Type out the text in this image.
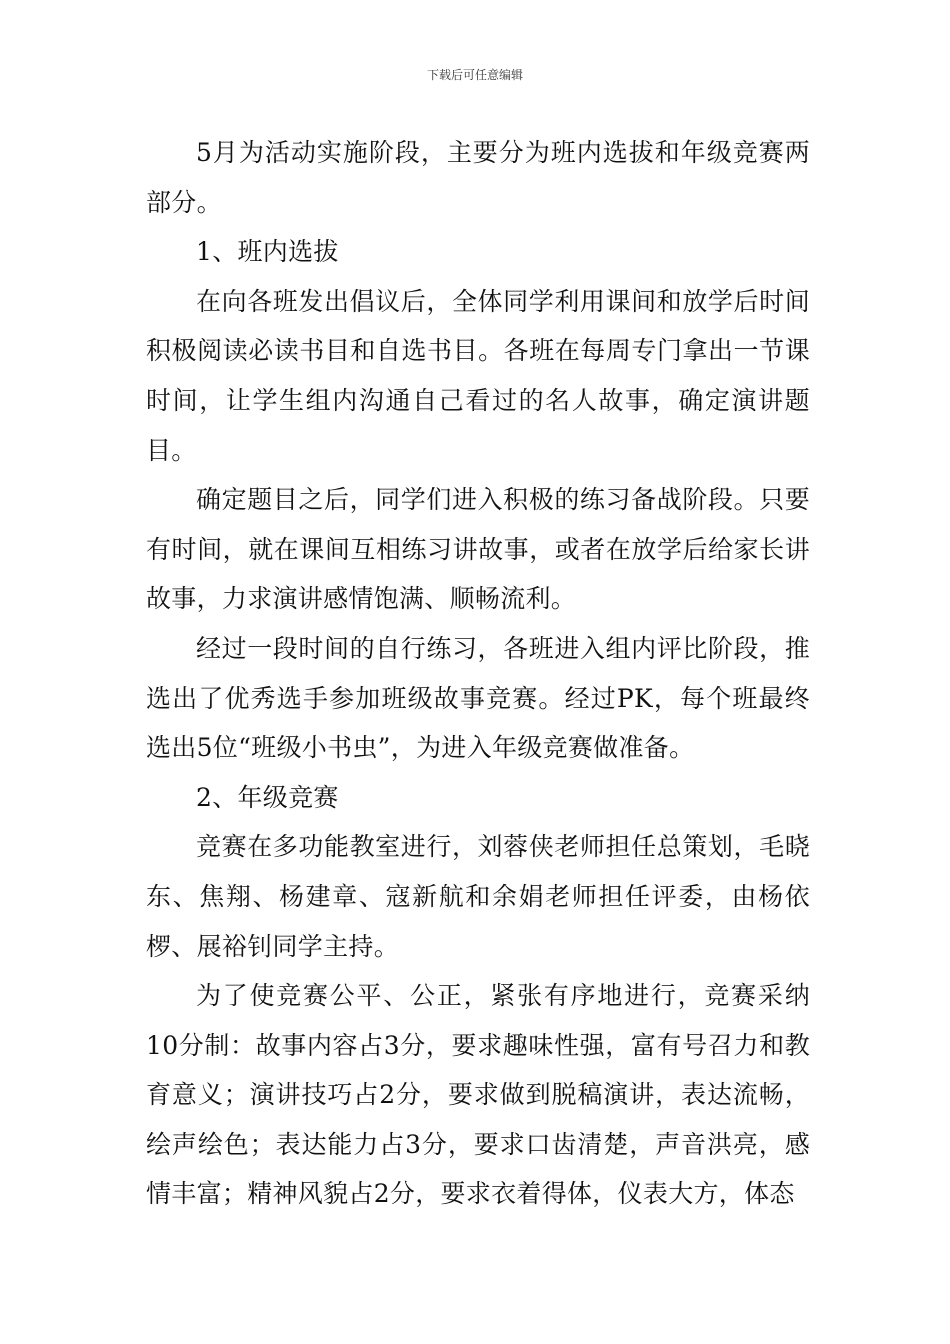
下载后可任意编辑

5月为活动实施阶段，主要分为班内选拔和年级竞赛两部分。

1、班内选拔

在向各班发出倡议后，全体同学利用课间和放学后时间积极阅读必读书目和自选书目。各班在每周专门拿出一节课时间，让学生组内沟通自己看过的名人故事，确定演讲题目。

确定题目之后，同学们进入积极的练习备战阶段。只要有时间，就在课间互相练习讲故事，或者在放学后给家长讲故事，力求演讲感情饱满、顺畅流利。

经过一段时间的自行练习，各班进入组内评比阶段，推选出了优秀选手参加班级故事竞赛。经过PK，每个班最终选出5位“班级小书虫”，为进入年级竞赛做准备。

2、年级竞赛

竞赛在多功能教室进行，刘蓉侠老师担任总策划，毛晓东、焦翔、杨建章、寇新航和余娟老师担任评委，由杨依椤、展裕钊同学主持。

为了使竞赛公平、公正，紧张有序地进行，竞赛采纳10分制：故事内容占3分，要求趣味性强，富有号召力和教育意义；演讲技巧占2分，要求做到脱稿演讲，表达流畅，绘声绘色；表达能力占3分，要求口齿清楚，声音洪亮，感情丰富；精神风貌占2分，要求衣着得体，仪表大方，体态
